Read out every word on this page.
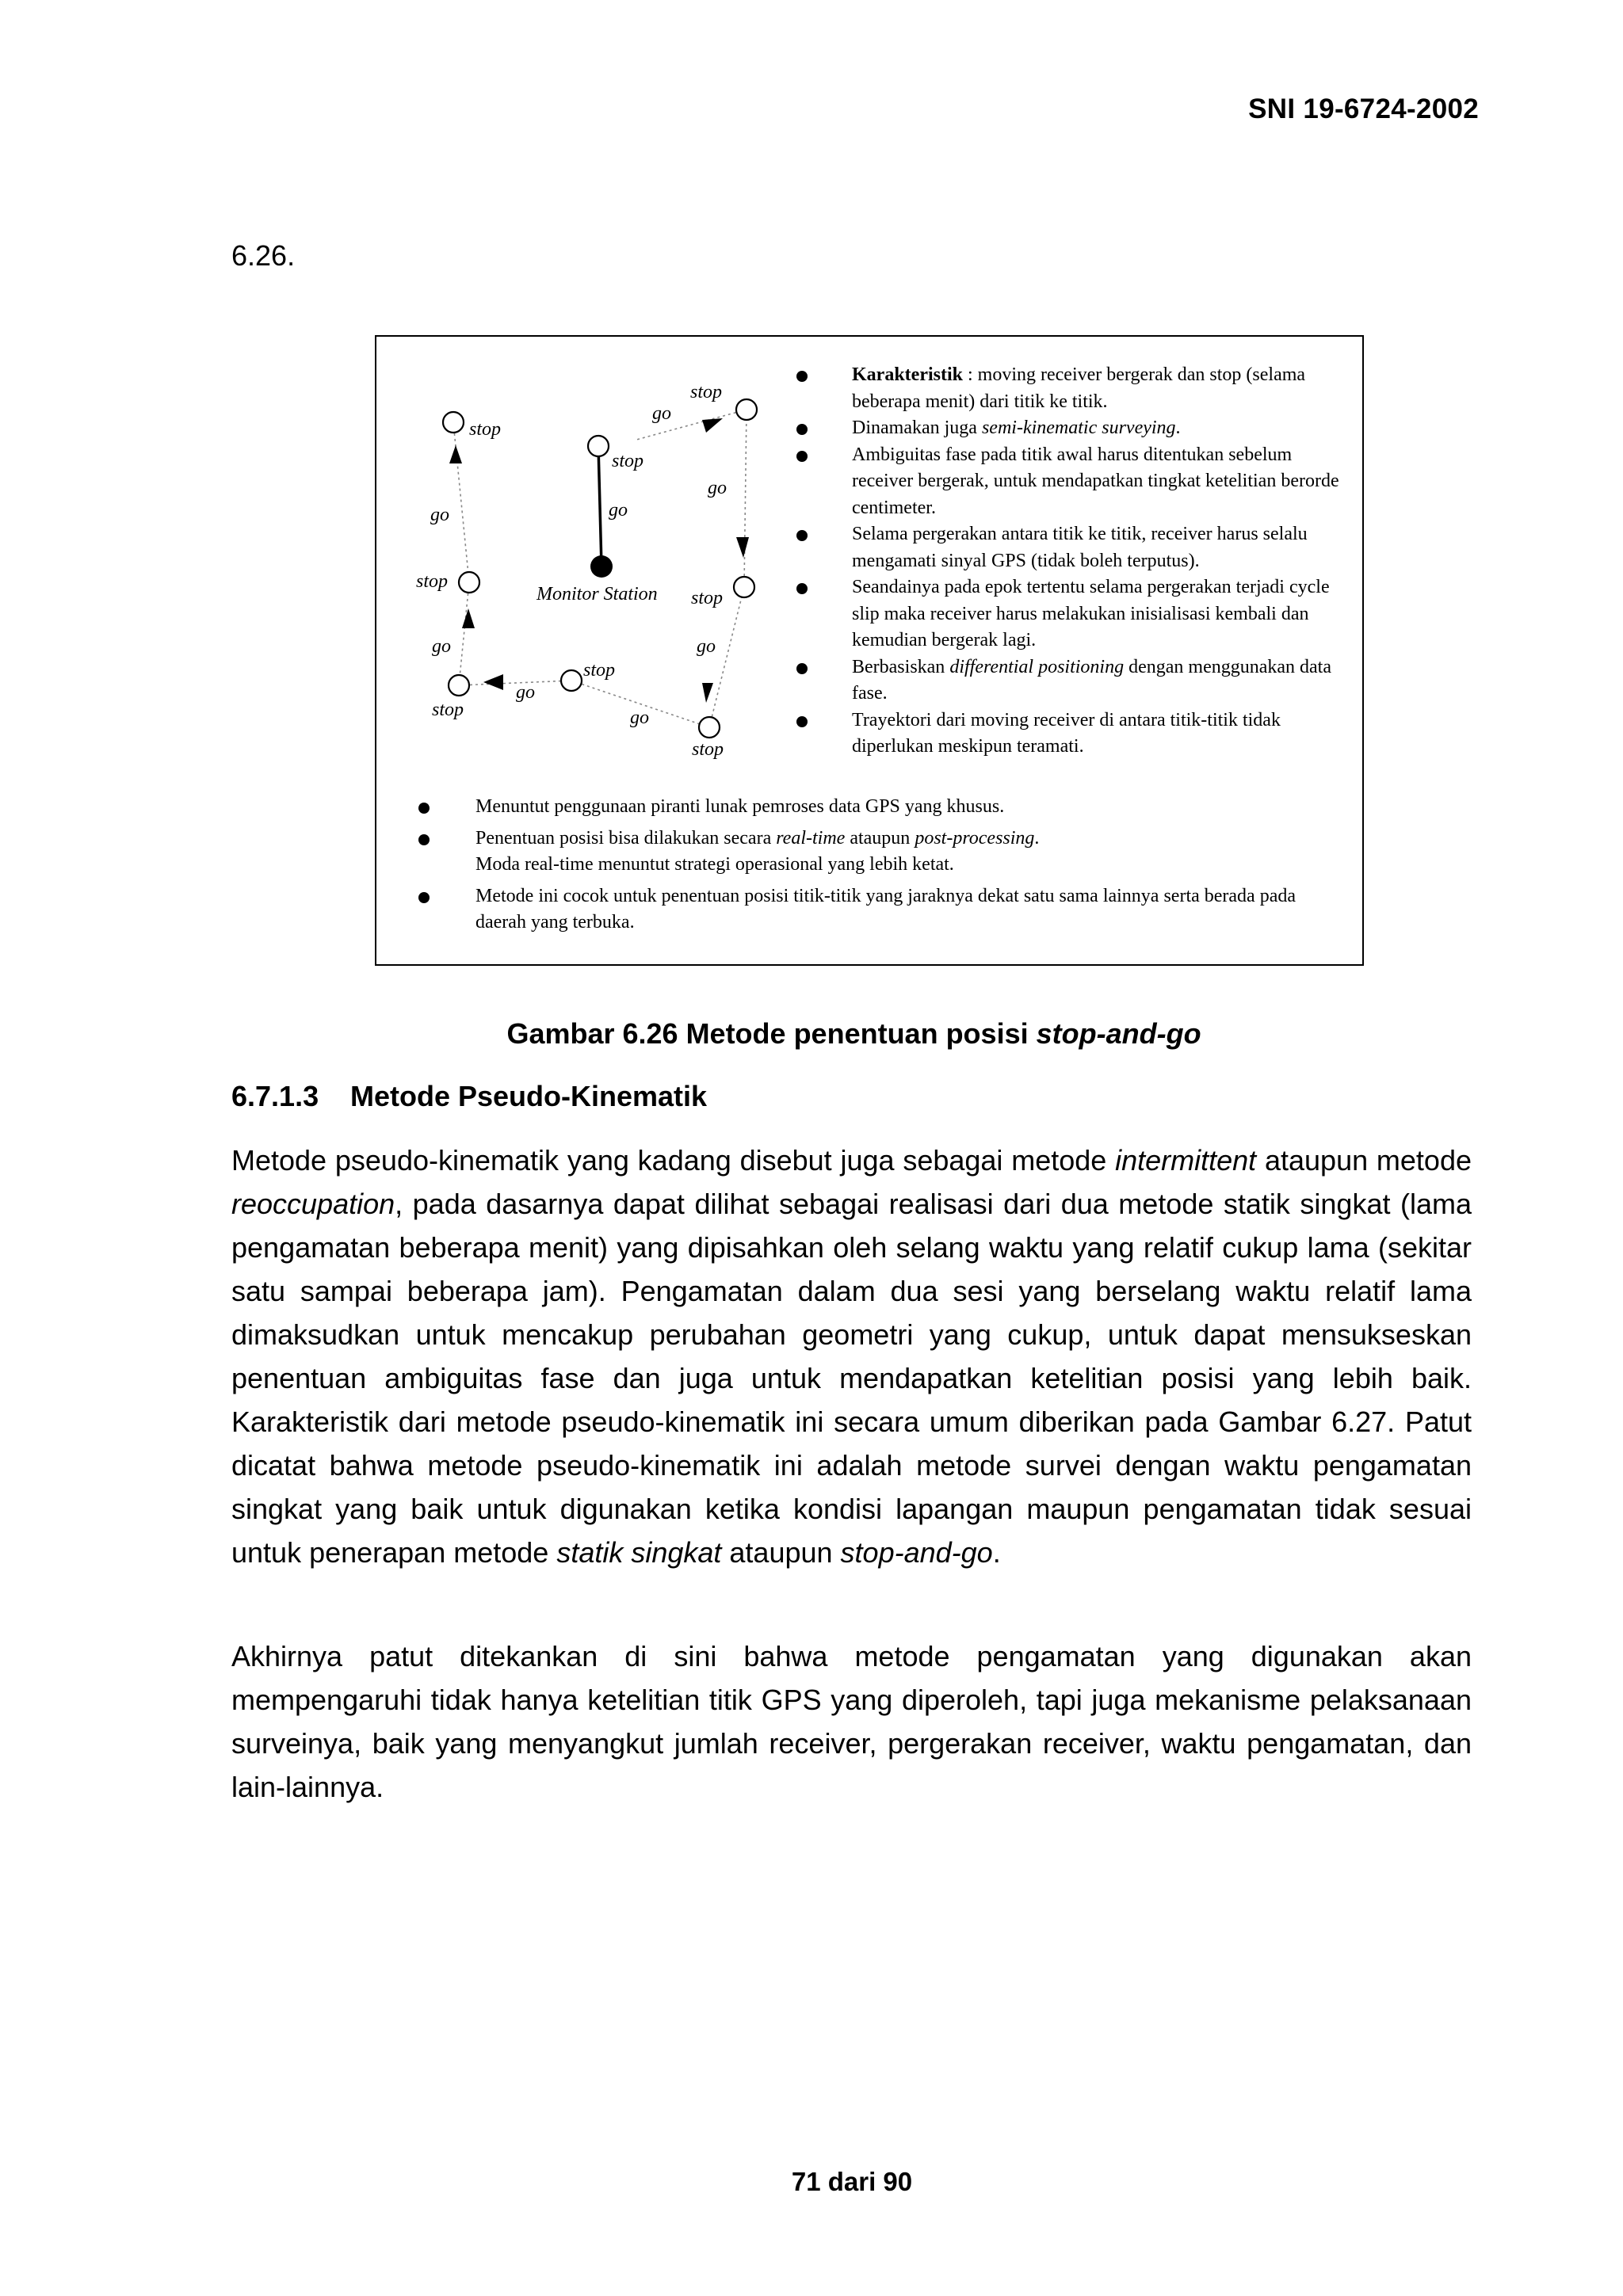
SNI 19-6724-2002
6.26.
stop
go
stop
go
stop
go
stop
go
stop
go
stop
go
stop
go
stop
go
Monitor Station
Karakteristik : moving receiver bergerak dan stop (selama beberapa menit) dari titik ke titik.
Dinamakan juga semi-kinematic surveying.
Ambiguitas fase pada titik awal harus ditentukan sebelum receiver bergerak, untuk mendapatkan tingkat ketelitian berorde centimeter.
Selama pergerakan antara titik ke titik, receiver harus selalu mengamati sinyal GPS (tidak boleh terputus).
Seandainya pada epok tertentu selama pergerakan terjadi cycle slip maka receiver harus melakukan inisialisasi kembali dan kemudian bergerak lagi.
Berbasiskan differential positioning dengan menggunakan data fase.
Trayektori dari moving receiver di antara titik-titik tidak diperlukan meskipun teramati.
Menuntut penggunaan piranti lunak pemroses data GPS yang khusus.
Penentuan posisi bisa dilakukan secara real-time ataupun post-processing.
Moda real-time menuntut strategi operasional yang lebih ketat.
Metode ini cocok untuk penentuan posisi titik-titik yang jaraknya dekat satu sama lainnya serta berada pada daerah yang terbuka.
Gambar 6.26 Metode penentuan posisi stop-and-go
6.7.1.3 Metode Pseudo-Kinematik

Metode pseudo-kinematik yang kadang disebut juga sebagai metode intermittent ataupun metode reoccupation, pada dasarnya dapat dilihat sebagai realisasi dari dua metode statik singkat (lama pengamatan beberapa menit) yang dipisahkan oleh selang waktu yang relatif cukup lama (sekitar satu sampai beberapa jam). Pengamatan dalam dua sesi yang berselang waktu relatif lama dimaksudkan untuk mencakup perubahan geometri yang cukup, untuk dapat mensukseskan penentuan ambiguitas fase dan juga untuk mendapatkan ketelitian posisi yang lebih baik. Karakteristik dari metode pseudo-kinematik ini secara umum diberikan pada Gambar 6.27. Patut dicatat bahwa metode pseudo-kinematik ini adalah metode survei dengan waktu pengamatan singkat yang baik untuk digunakan ketika kondisi lapangan maupun pengamatan tidak sesuai untuk penerapan metode statik singkat ataupun stop-and-go.

Akhirnya patut ditekankan di sini bahwa metode pengamatan yang digunakan akan mempengaruhi tidak hanya ketelitian titik GPS yang diperoleh, tapi juga mekanisme pelaksanaan surveinya, baik yang menyangkut jumlah receiver, pergerakan receiver, waktu pengamatan, dan lain-lainnya.

71 dari 90
